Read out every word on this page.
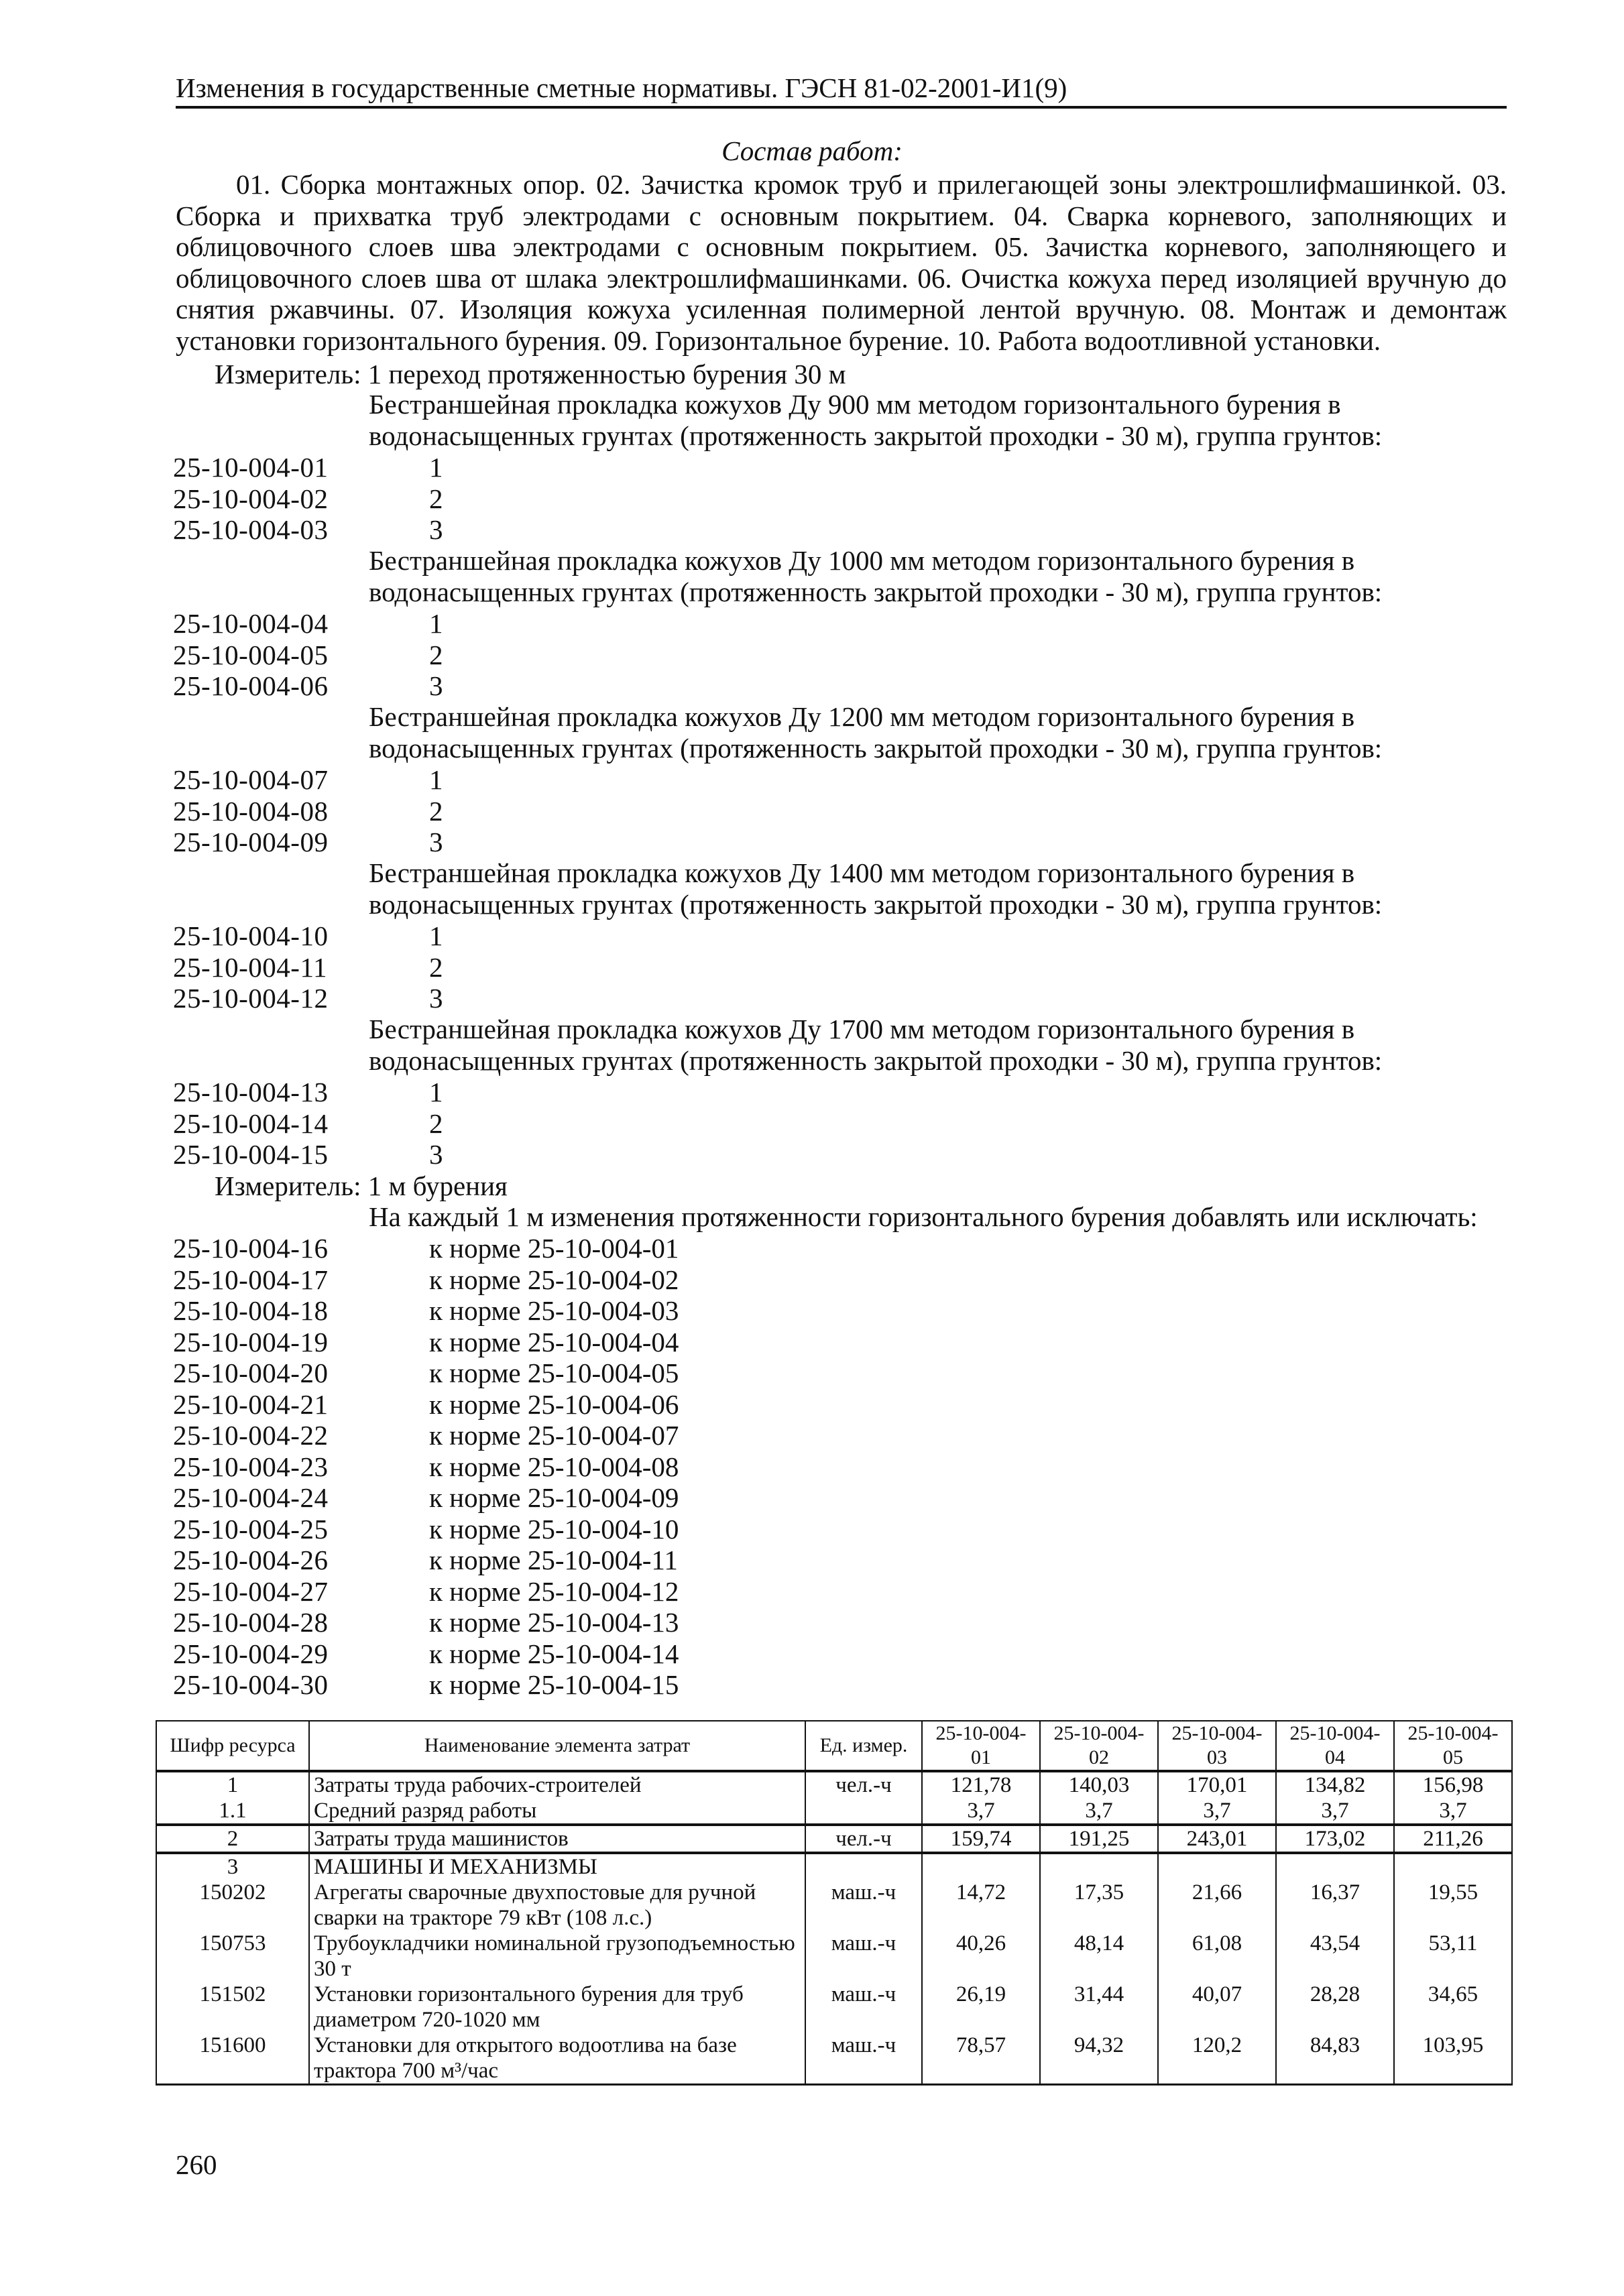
Изменения в государственные сметные нормативы. ГЭСН 81-02-2001-И1(9)
Состав работ:
01. Сборка монтажных опор. 02. Зачистка кромок труб и прилегающей зоны электрошлифмашинкой. 03. Сборка и прихватка труб электродами с основным покрытием. 04. Сварка корневого, заполняющих и облицовочного слоев шва электродами с основным покрытием. 05. Зачистка корневого, заполняющего и облицовочного слоев шва от шлака электрошлифмашинками. 06. Очистка кожуха перед изоляцией вручную до снятия ржавчины. 07. Изоляция кожуха усиленная полимерной лентой вручную. 08. Монтаж и демонтаж установки горизонтального бурения. 09. Горизонтальное бурение. 10. Работа водоотливной установки.
Измеритель: 1 переход протяженностью бурения 30 м
Бестраншейная прокладка кожухов Ду 900 мм методом горизонтального бурения в
водонасыщенных грунтах (протяженность закрытой проходки - 30 м), группа грунтов:
25-10-004-01	1
25-10-004-02	2
25-10-004-03	3
Бестраншейная прокладка кожухов Ду 1000 мм методом горизонтального бурения в
водонасыщенных грунтах (протяженность закрытой проходки - 30 м), группа грунтов:
25-10-004-04	1
25-10-004-05	2
25-10-004-06	3
Бестраншейная прокладка кожухов Ду 1200 мм методом горизонтального бурения в
водонасыщенных грунтах (протяженность закрытой проходки - 30 м), группа грунтов:
25-10-004-07	1
25-10-004-08	2
25-10-004-09	3
Бестраншейная прокладка кожухов Ду 1400 мм методом горизонтального бурения в
водонасыщенных грунтах (протяженность закрытой проходки - 30 м), группа грунтов:
25-10-004-10	1
25-10-004-11	2
25-10-004-12	3
Бестраншейная прокладка кожухов Ду 1700 мм методом горизонтального бурения в
водонасыщенных грунтах (протяженность закрытой проходки - 30 м), группа грунтов:
25-10-004-13	1
25-10-004-14	2
25-10-004-15	3
Измеритель: 1 м бурения
На каждый 1 м изменения протяженности горизонтального бурения добавлять или исключать:
25-10-004-16	к норме 25-10-004-01
25-10-004-17	к норме 25-10-004-02
25-10-004-18	к норме 25-10-004-03
25-10-004-19	к норме 25-10-004-04
25-10-004-20	к норме 25-10-004-05
25-10-004-21	к норме 25-10-004-06
25-10-004-22	к норме 25-10-004-07
25-10-004-23	к норме 25-10-004-08
25-10-004-24	к норме 25-10-004-09
25-10-004-25	к норме 25-10-004-10
25-10-004-26	к норме 25-10-004-11
25-10-004-27	к норме 25-10-004-12
25-10-004-28	к норме 25-10-004-13
25-10-004-29	к норме 25-10-004-14
25-10-004-30	к норме 25-10-004-15
Шифр ресурса	Наименование элемента затрат	Ед. измер.	25-10-004-01	25-10-004-02	25-10-004-03	25-10-004-04	25-10-004-05
1	Затраты труда рабочих-строителей	чел.-ч	121,78	140,03	170,01	134,82	156,98
1.1	Средний разряд работы		3,7	3,7	3,7	3,7	3,7
2	Затраты труда машинистов	чел.-ч	159,74	191,25	243,01	173,02	211,26
3	МАШИНЫ И МЕХАНИЗМЫ						
150202	Агрегаты сварочные двухпостовые для ручной сварки на тракторе 79 кВт (108 л.с.)	маш.-ч	14,72	17,35	21,66	16,37	19,55
150753	Трубоукладчики номинальной грузоподъемностью 30 т	маш.-ч	40,26	48,14	61,08	43,54	53,11
151502	Установки горизонтального бурения для труб диаметром 720-1020 мм	маш.-ч	26,19	31,44	40,07	28,28	34,65
151600	Установки для открытого водоотлива на базе трактора 700 м³/час	маш.-ч	78,57	94,32	120,2	84,83	103,95
260
